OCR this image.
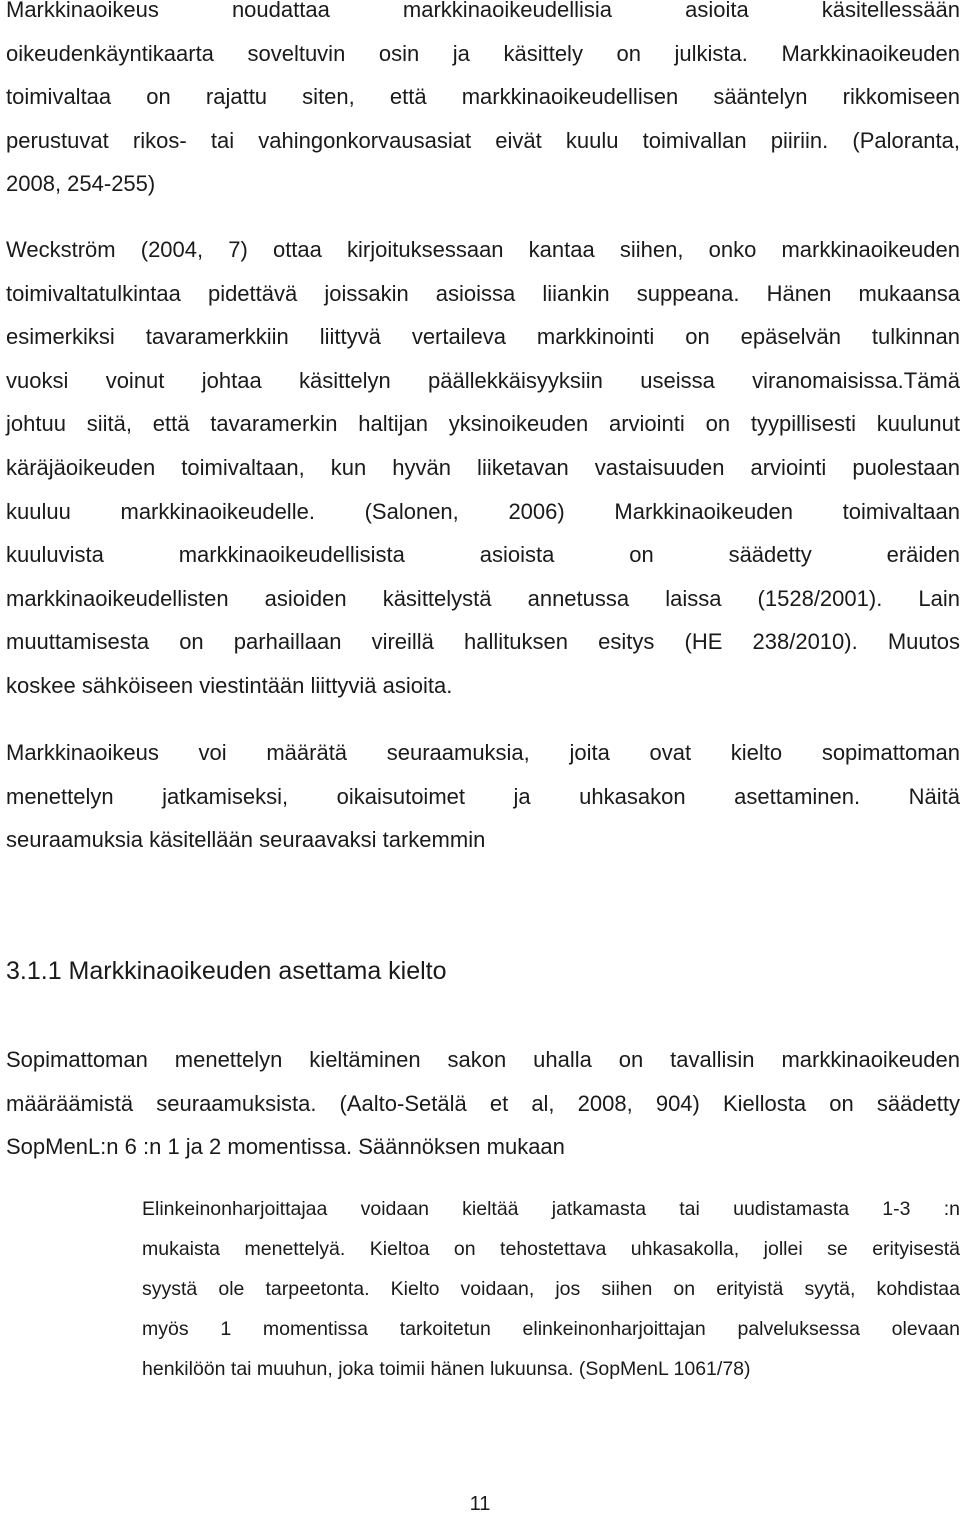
Markkinaoikeus noudattaa markkinaoikeudellisia asioita käsitellessään
oikeudenkäyntikaarta soveltuvin osin ja käsittely on julkista. Markkinaoikeuden
toimivaltaa on rajattu siten, että markkinaoikeudellisen sääntelyn rikkomiseen
perustuvat rikos- tai vahingonkorvausasiat eivät kuulu toimivallan piiriin. (Paloranta,
2008, 254-255)
Weckström (2004, 7) ottaa kirjoituksessaan kantaa siihen, onko markkinaoikeuden
toimivaltatulkintaa pidettävä joissakin asioissa liiankin suppeana. Hänen mukaansa
esimerkiksi tavaramerkkiin liittyvä vertaileva markkinointi on epäselvän tulkinnan
vuoksi voinut johtaa käsittelyn päällekkäisyyksiin useissa viranomaisissa.Tämä
johtuu siitä, että tavaramerkin haltijan yksinoikeuden arviointi on tyypillisesti kuulunut
käräjäoikeuden toimivaltaan, kun hyvän liiketavan vastaisuuden arviointi puolestaan
kuuluu markkinaoikeudelle. (Salonen, 2006) Markkinaoikeuden toimivaltaan
kuuluvista markkinaoikeudellisista asioista on säädetty eräiden
markkinaoikeudellisten asioiden käsittelystä annetussa laissa (1528/2001). Lain
muuttamisesta on parhaillaan vireillä hallituksen esitys (HE 238/2010). Muutos
koskee sähköiseen viestintään liittyviä asioita.
Markkinaoikeus voi määrätä seuraamuksia, joita ovat kielto sopimattoman
menettelyn jatkamiseksi, oikaisutoimet ja uhkasakon asettaminen. Näitä
seuraamuksia käsitellään seuraavaksi tarkemmin
3.1.1 Markkinaoikeuden asettama kielto
Sopimattoman menettelyn kieltäminen sakon uhalla on tavallisin markkinaoikeuden
määräämistä seuraamuksista. (Aalto-Setälä et al, 2008, 904) Kiellosta on säädetty
SopMenL:n 6 :n 1 ja 2 momentissa. Säännöksen mukaan
Elinkeinonharjoittajaa voidaan kieltää jatkamasta tai uudistamasta 1-3 :n
mukaista menettelyä. Kieltoa on tehostettava uhkasakolla, jollei se erityisestä
syystä ole tarpeetonta. Kielto voidaan, jos siihen on erityistä syytä, kohdistaa
myös 1 momentissa tarkoitetun elinkeinonharjoittajan palveluksessa olevaan
henkilöön tai muuhun, joka toimii hänen lukuunsa. (SopMenL 1061/78)
11
